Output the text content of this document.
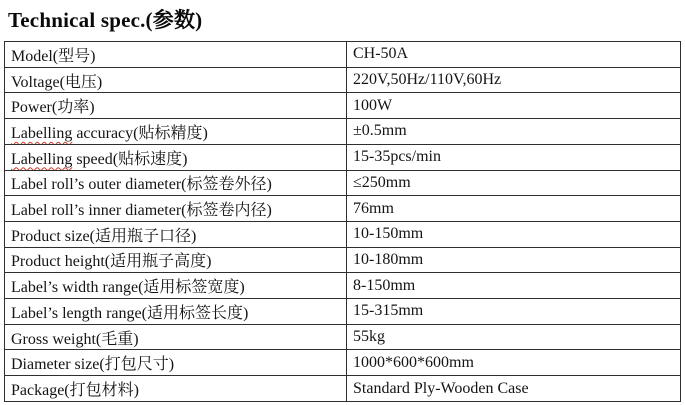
Technical spec.(参数)
Model(型号)	CH-50A
Voltage(电压)	220V,50Hz/110V,60Hz
Power(功率)	100W
Labelling accuracy(贴标精度)	±0.5mm
Labelling speed(贴标速度)	15-35pcs/min
Label roll’s outer diameter(标签卷外径)	≤250mm
Label roll’s inner diameter(标签卷内径)	76mm
Product size(适用瓶子口径)	10-150mm
Product height(适用瓶子高度)	10-180mm
Label’s width range(适用标签宽度)	8-150mm
Label’s length range(适用标签长度)	15-315mm
Gross weight(毛重)	55kg
Diameter size(打包尺寸)	1000*600*600mm
Package(打包材料)	Standard Ply-Wooden Case
